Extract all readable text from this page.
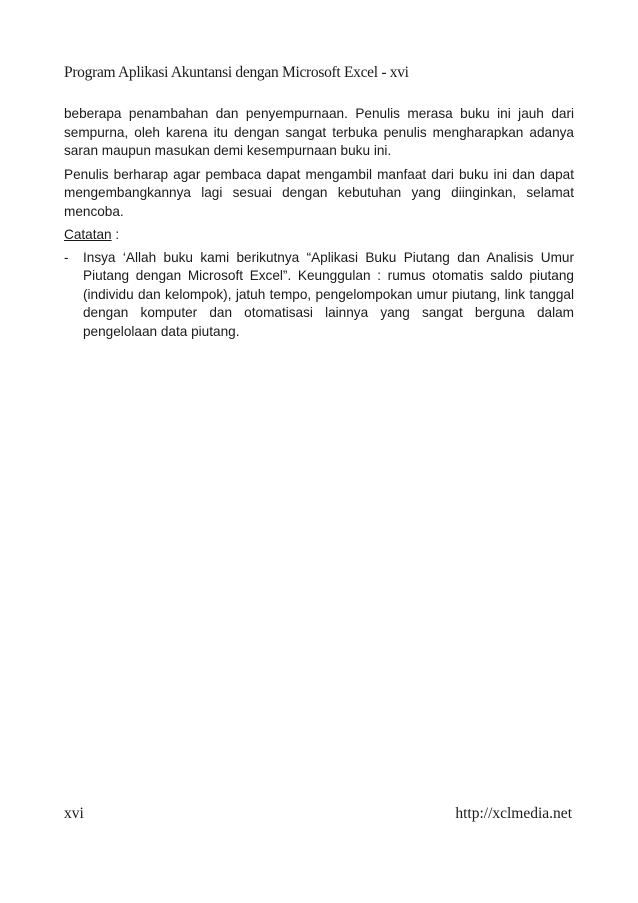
Program Aplikasi Akuntansi dengan Microsoft Excel - xvi

beberapa penambahan dan penyempurnaan. Penulis merasa buku ini jauh dari sempurna, oleh karena itu dengan sangat terbuka penulis mengharapkan adanya saran maupun masukan demi kesempurnaan buku ini.

Penulis berharap agar pembaca dapat mengambil manfaat dari buku ini dan dapat mengembangkannya lagi sesuai dengan kebutuhan yang diinginkan, selamat mencoba.

Catatan :
- Insya ‘Allah buku kami berikutnya “Aplikasi Buku Piutang dan Analisis Umur Piutang dengan Microsoft Excel”. Keunggulan : rumus otomatis saldo piutang (individu dan kelompok), jatuh tempo, pengelompokan umur piutang, link tanggal dengan komputer dan otomatisasi lainnya yang sangat berguna dalam pengelolaan data piutang.
xvi	http://xclmedia.net
